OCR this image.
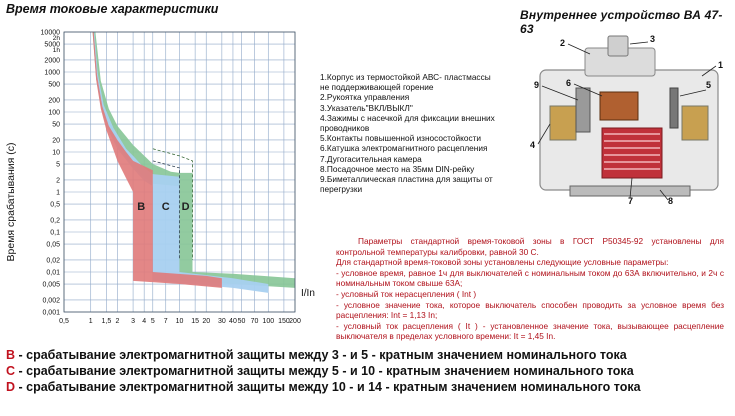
Время токовые характеристики	Внутреннее устройство ВА 47-63
B C D
10000
5000
2000
1000
500
200
100
50
20
10
5
2
1
0,5
0,2
0,1
0,05
0,02
0,01
0,005
0,002
0,001
2h
1h
0,5	1 1,5 2 3 4 5 7 10 15 20 30 40 50 70 100 150 200
I/In
Время срабатывания (с)
2	3
1
5
4
6
9
7	8
1.Корпус из термостойкой АВС- пластмассы
не поддерживающей горение
2.Рукоятка управления
3.Указатель"ВКЛ/ВЫКЛ"
4.Зажимы с насечкой для фиксации внешних
проводников
5.Контакты повышенной износостойкости
6.Катушка электромагнитного расцепления
7.Дугогасительная камера
8.Посадочное место на 35мм DIN-рейку
9.Биметаллическая пластина для защиты от
перегрузки

Параметры стандартной время-токовой зоны в ГОСТ Р50345-92 установлены для контрольной температуры калибровки, равной 30 С.

Для стандартной время-токовой зоны установлены следующие условные параметры:

- условное время, равное 1ч для выключателей с номинальным током до 63А включительно, и 2ч с номинальным током свыше 63А;

- условный ток нерасцепления ( Int )

- условное значение тока, которое выключатель способен проводить за условное время без расцепления: Int = 1,13 In;

- условный ток расцепления ( It ) - установленное значение тока, вызывающее расцепление выключателя в пределах условного времени: It = 1,45 In.

B - срабатывание электромагнитной защиты между 3 - и 5 - кратным значением номинального тока
C - срабатывание электромагнитной защиты между 5 - и 10 - кратным значением номинального тока
D - срабатывание электромагнитной защиты между 10 - и 14 - кратным значением номинального тока
